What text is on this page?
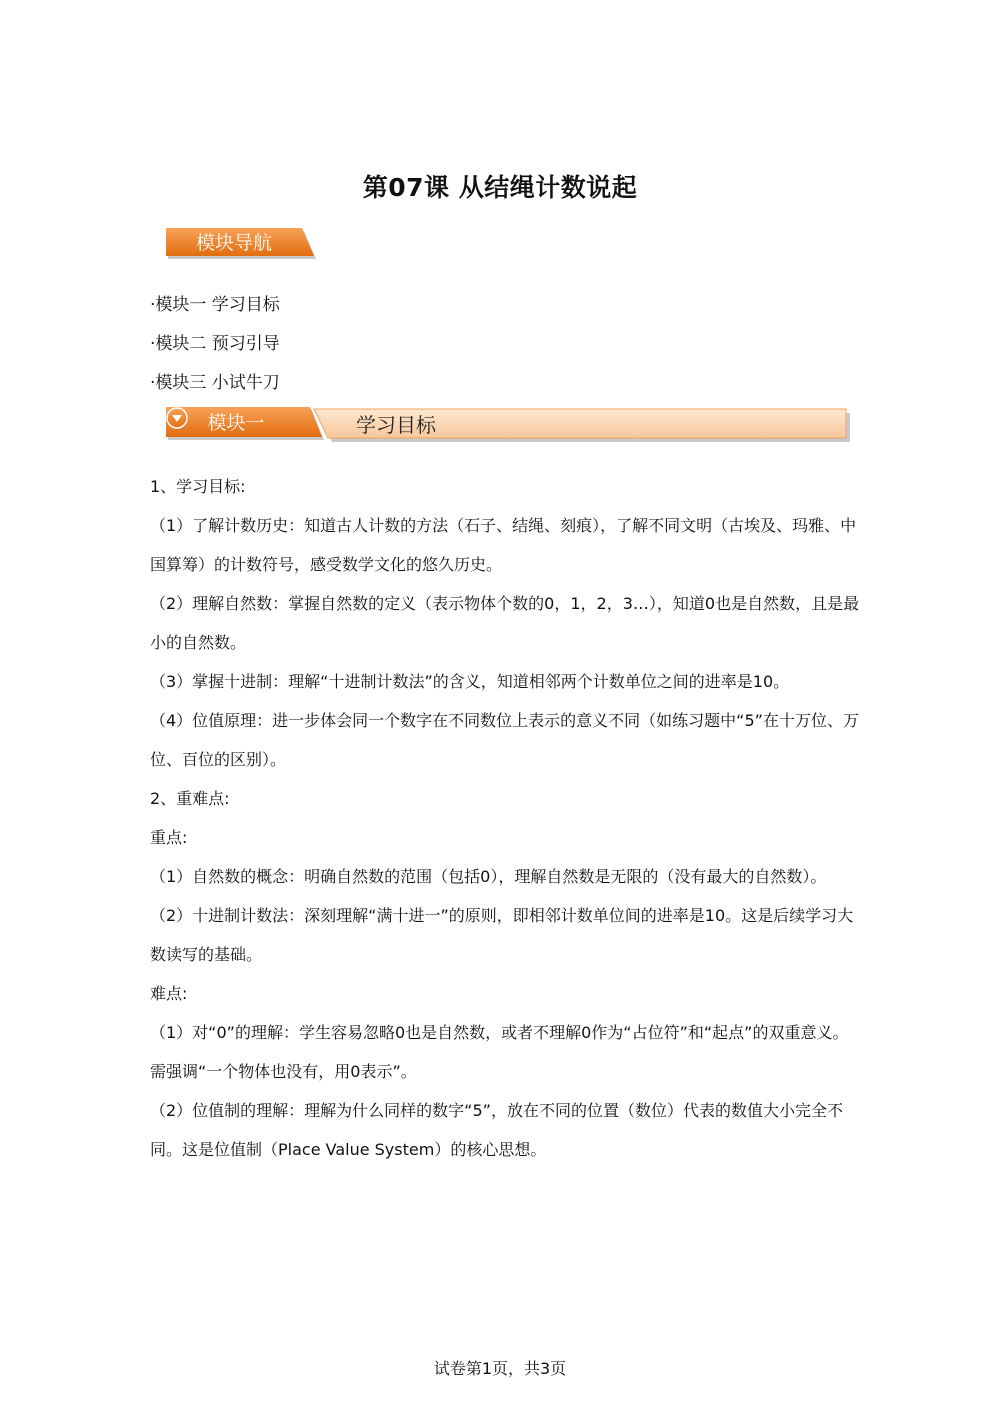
第07课 从结绳计数说起
模块导航
·模块一 学习目标
·模块二 预习引导
·模块三 小试牛刀
模块一	学习目标

1、学习目标:

（1）了解计数历史：知道古人计数的方法（石子、结绳、刻痕），了解不同文明（古埃及、玛雅、中国算筹）的计数符号，感受数学文化的悠久历史。

（2）理解自然数：掌握自然数的定义（表示物体个数的0，1，2，3…），知道0也是自然数，且是最小的自然数。

（3）掌握十进制：理解“十进制计数法”的含义，知道相邻两个计数单位之间的进率是10。

（4）位值原理：进一步体会同一个数字在不同数位上表示的意义不同（如练习题中“5”在十万位、万位、百位的区别）。

2、重难点:

重点:

（1）自然数的概念：明确自然数的范围（包括0），理解自然数是无限的（没有最大的自然数）。

（2）十进制计数法：深刻理解“满十进一”的原则，即相邻计数单位间的进率是10。这是后续学习大数读写的基础。

难点:

（1）对“0”的理解：学生容易忽略0也是自然数，或者不理解0作为“占位符”和“起点”的双重意义。需强调“一个物体也没有，用0表示”。

（2）位值制的理解：理解为什么同样的数字“5”，放在不同的位置（数位）代表的数值大小完全不同。这是位值制（Place Value System）的核心思想。

试卷第1页，共3页
